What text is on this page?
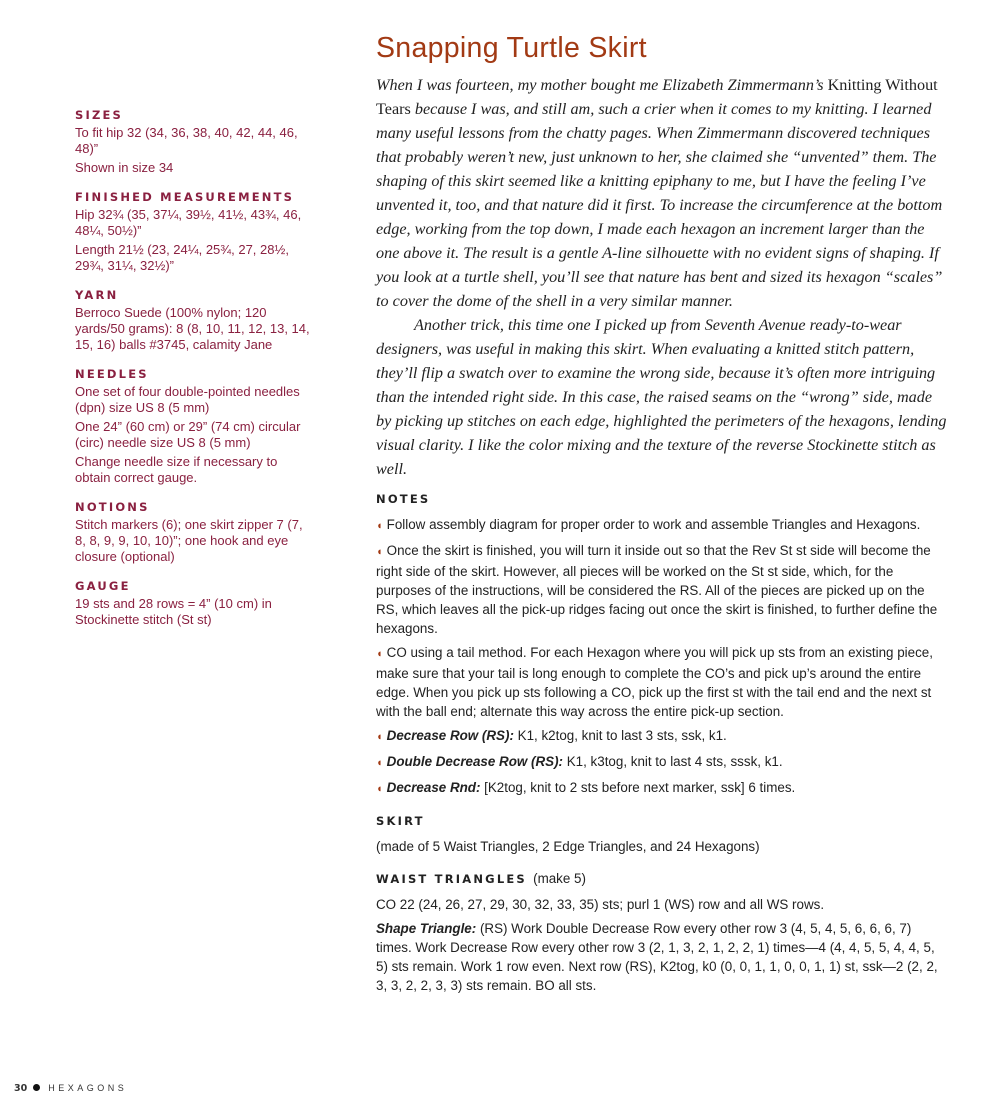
SIZES
To fit hip 32 (34, 36, 38, 40, 42, 44, 46, 48)”
Shown in size 34
FINISHED MEASUREMENTS
Hip 32¾ (35, 37¼, 39½, 41½, 43¾, 46, 48¼, 50½)”
Length 21½ (23, 24¼, 25¾, 27, 28½, 29¾, 31¼, 32½)”
YARN
Berroco Suede (100% nylon; 120 yards/50 grams): 8 (8, 10, 11, 12, 13, 14, 15, 16) balls #3745, calamity Jane
NEEDLES
One set of four double-pointed needles (dpn) size US 8 (5 mm)
One 24” (60 cm) or 29” (74 cm) circular (circ) needle size US 8 (5 mm)
Change needle size if necessary to obtain correct gauge.
NOTIONS
Stitch markers (6); one skirt zipper 7 (7, 8, 8, 9, 9, 10, 10)”; one hook and eye closure (optional)
GAUGE
19 sts and 28 rows = 4” (10 cm) in Stockinette stitch (St st)
Snapping Turtle Skirt

When I was fourteen, my mother bought me Elizabeth Zimmermann’s Knitting Without Tears because I was, and still am, such a crier when it comes to my knitting. I learned many useful lessons from the chatty pages. When Zimmermann discovered techniques that probably weren’t new, just unknown to her, she claimed she “unvented” them. The shaping of this skirt seemed like a knitting epiphany to me, but I have the feeling I’ve unvented it, too, and that nature did it first. To increase the circumference at the bottom edge, working from the top down, I made each hexagon an increment larger than the one above it. The result is a gentle A-line silhouette with no evident signs of shaping. If you look at a turtle shell, you’ll see that nature has bent and sized its hexagon “scales” to cover the dome of the shell in a very similar manner.

Another trick, this time one I picked up from Seventh Avenue ready-to-wear designers, was useful in making this skirt. When evaluating a knitted stitch pattern, they’ll flip a swatch over to examine the wrong side, because it’s often more intriguing than the intended right side. In this case, the raised seams on the “wrong” side, made by picking up stitches on each edge, highlighted the perimeters of the hexagons, lending visual clarity. I like the color mixing and the texture of the reverse Stockinette stitch as well.

NOTES
◖ Follow assembly diagram for proper order to work and assemble Triangles and Hexagons.
◖ Once the skirt is finished, you will turn it inside out so that the Rev St st side will become the right side of the skirt. However, all pieces will be worked on the St st side, which, for the purposes of the instructions, will be considered the RS. All of the pieces are picked up on the RS, which leaves all the pick-up ridges facing out once the skirt is finished, to further define the hexagons.
◖ CO using a tail method. For each Hexagon where you will pick up sts from an existing piece, make sure that your tail is long enough to complete the CO’s and pick up’s around the entire edge. When you pick up sts following a CO, pick up the first st with the tail end and the next st with the ball end; alternate this way across the entire pick-up section.
◖ Decrease Row (RS): K1, k2tog, knit to last 3 sts, ssk, k1.
◖ Double Decrease Row (RS): K1, k3tog, knit to last 4 sts, sssk, k1.
◖ Decrease Rnd: [K2tog, knit to 2 sts before next marker, ssk] 6 times.
SKIRT
(made of 5 Waist Triangles, 2 Edge Triangles, and 24 Hexagons)
WAIST TRIANGLES (make 5)
CO 22 (24, 26, 27, 29, 30, 32, 33, 35) sts; purl 1 (WS) row and all WS rows.
Shape Triangle: (RS) Work Double Decrease Row every other row 3 (4, 5, 4, 5, 6, 6, 6, 7) times. Work Decrease Row every other row 3 (2, 1, 3, 2, 1, 2, 2, 1) times—4 (4, 4, 5, 5, 4, 4, 5, 5) sts remain. Work 1 row even. Next row (RS), K2tog, k0 (0, 0, 1, 1, 0, 0, 1, 1) st, ssk—2 (2, 2, 3, 3, 2, 2, 3, 3) sts remain. BO all sts.
30 HEXAGONS
